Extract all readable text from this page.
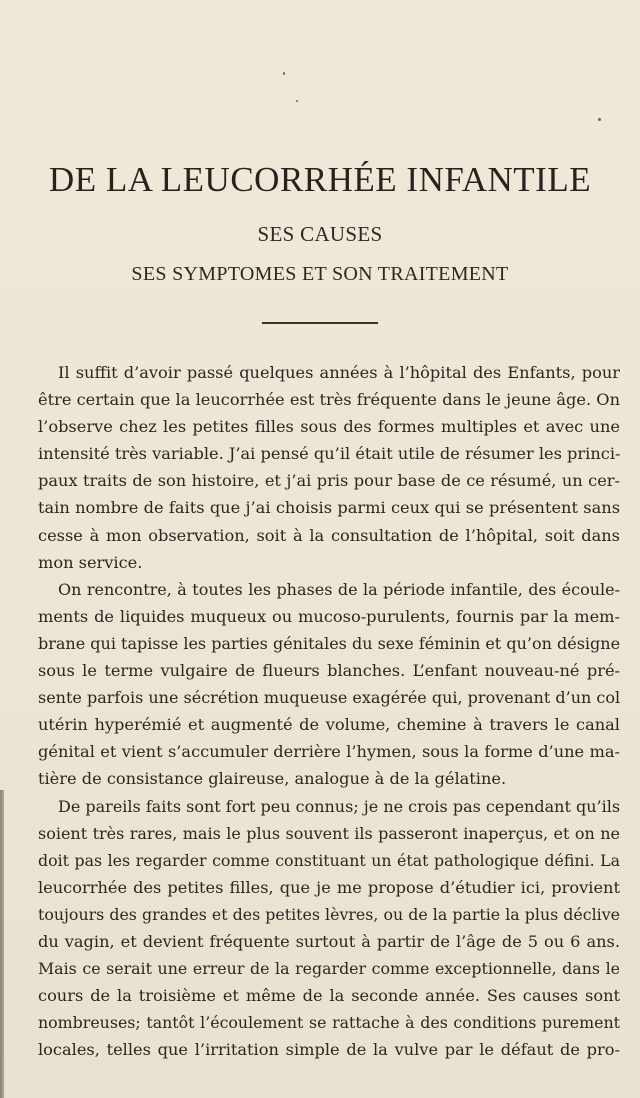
DE LA LEUCORRHÉE INFANTILE
SES CAUSES
SES SYMPTOMES ET SON TRAITEMENT
Il suffit d’avoir passé quelques années à l’hôpital des Enfants, pour
être certain que la leucorrhée est très fréquente dans le jeune âge. On
l’observe chez les petites filles sous des formes multiples et avec une
intensité très variable. J’ai pensé qu’il était utile de résumer les princi-
paux traits de son histoire, et j’ai pris pour base de ce résumé, un cer-
tain nombre de faits que j’ai choisis parmi ceux qui se présentent sans
cesse à mon observation, soit à la consultation de l’hôpital, soit dans
mon service.
On rencontre, à toutes les phases de la période infantile, des écoule-
ments de liquides muqueux ou mucoso-purulents, fournis par la mem-
brane qui tapisse les parties génitales du sexe féminin et qu’on désigne
sous le terme vulgaire de flueurs blanches. L’enfant nouveau-né pré-
sente parfois une sécrétion muqueuse exagérée qui, provenant d’un col
utérin hyperémié et augmenté de volume, chemine à travers le canal
génital et vient s’accumuler derrière l’hymen, sous la forme d’une ma-
tière de consistance glaireuse, analogue à de la gélatine.
De pareils faits sont fort peu connus; je ne crois pas cependant qu’ils
soient très rares, mais le plus souvent ils passeront inaperçus, et on ne
doit pas les regarder comme constituant un état pathologique défini. La
leucorrhée des petites filles, que je me propose d’étudier ici, provient
toujours des grandes et des petites lèvres, ou de la partie la plus déclive
du vagin, et devient fréquente surtout à partir de l’âge de 5 ou 6 ans.
Mais ce serait une erreur de la regarder comme exceptionnelle, dans le
cours de la troisième et même de la seconde année. Ses causes sont
nombreuses; tantôt l’écoulement se rattache à des conditions purement
locales, telles que l’irritation simple de la vulve par le défaut de pro-
